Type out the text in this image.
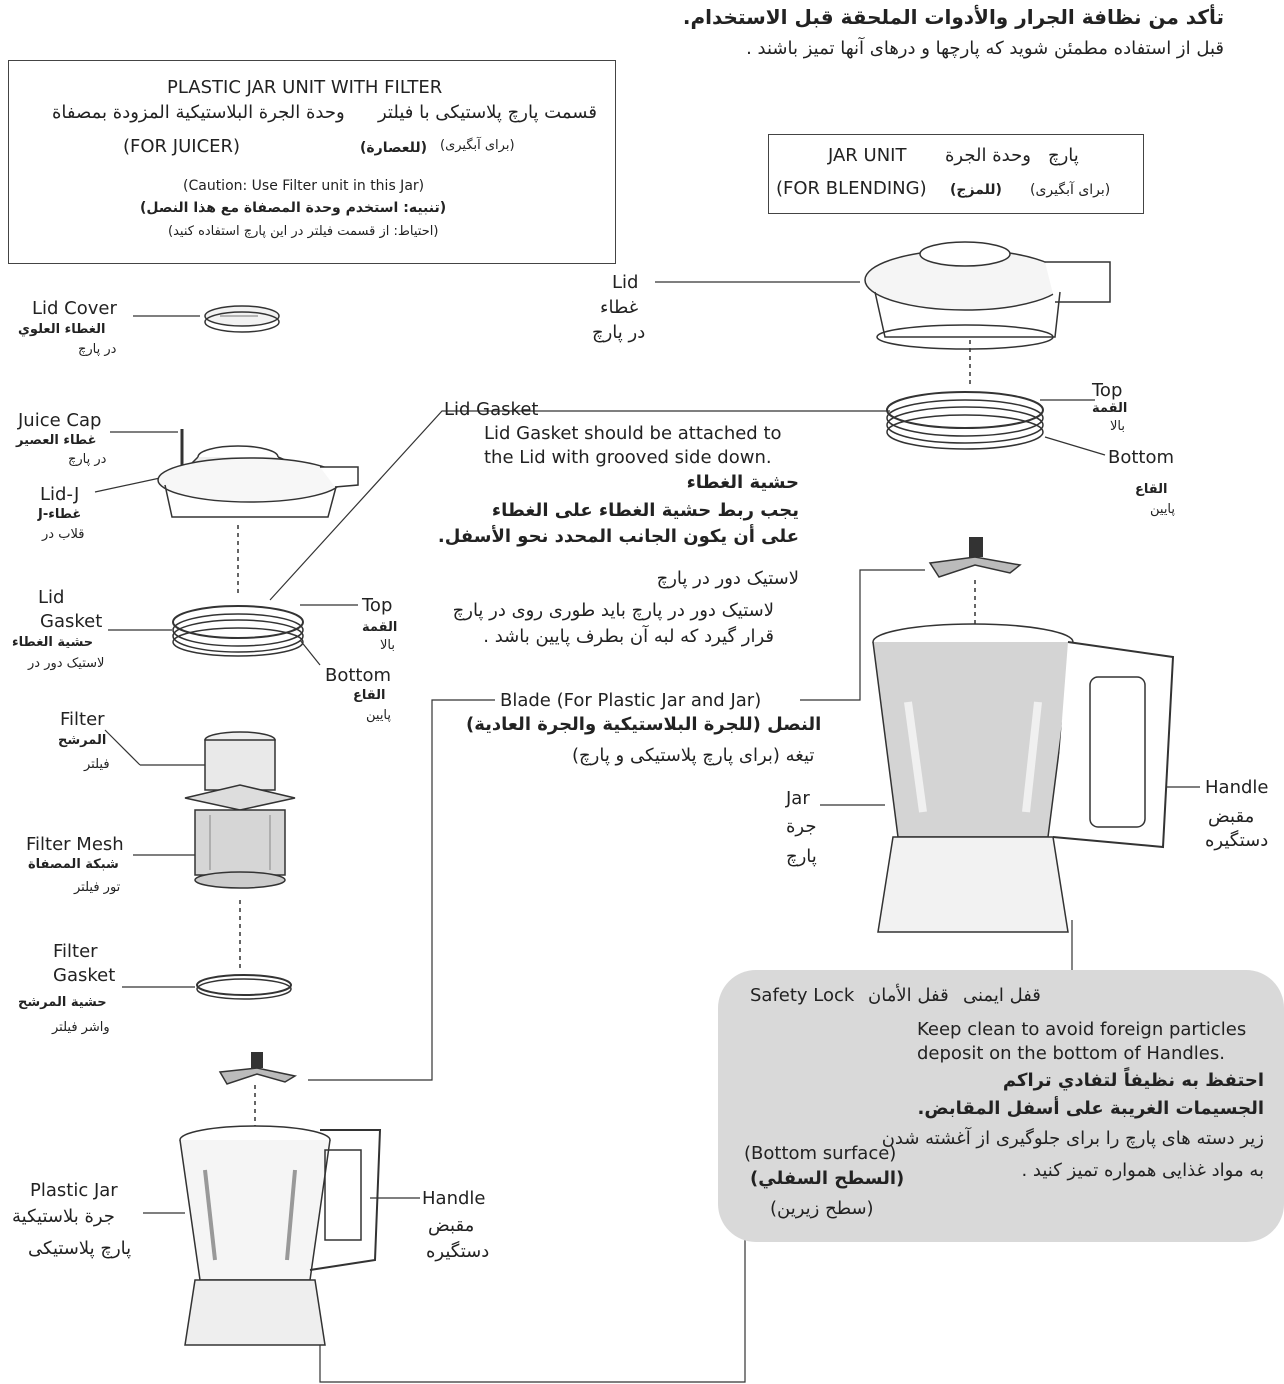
تأكد من نظافة الجرار والأدوات الملحقة قبل الاستخدام.
قبل از استفاده مطمئن شوید که پارچها و درهای آنها تمیز باشند .
PLASTIC JAR UNIT WITH FILTER
وحدة الجرة البلاستيكية المزودة بمصفاة قسمت پارچ پلاستیکی با فیلتر
(FOR JUICER)	(للعصارة) (برای آبگیری)
(Caution: Use Filter unit in this Jar)
(تنبيه: استخدم وحدة المصفاة مع هذا النصل)
(احتیاط: از قسمت فیلتر در این پارچ استفاده کنید)
JAR UNIT وحدة الجرة پارچ
(FOR BLENDING) (للمزج) (برای آبگیری)
Lid Cover
الغطاء العلوي
در پارچ
Juice Cap
غطاء العصير
در پارچ
Lid-J
غطاء-J
قلاب در
Lid
Gasket
حشية الغطاء
لاستیک دور در
Top
القمة
بالا
Bottom
القاع
پایین
Filter
المرشح
فیلتر
Filter Mesh
شبكة المصفاة
تور فیلتر
Filter
Gasket
حشية المرشح
واشر فیلتر
Plastic Jar
جرة بلاستيكية
پارچ پلاستیکی
Handle
مقبض
دستگیره
Lid Gasket
Lid Gasket should be attached to
the Lid with grooved side down.
حشية الغطاء
يجب ربط حشية الغطاء على الغطاء
على أن يكون الجانب المحدد نحو الأسفل.
لاستیک دور در پارچ
لاستیک دور در پارچ باید طوری روی در پارچ
قرار گیرد که لبه آن بطرف پایین باشد .
Blade (For Plastic Jar and Jar)
النصل (للجرة البلاستيكية والجرة العادية)
تیغه (برای پارچ پلاستیکی و پارچ)
Lid
غطاء
در پارچ
Top
القمة
بالا
Bottom
القاع
پایین
Jar
جرة
پارچ
Handle
مقبض
دستگیره
Safety Lock قفل الأمان قفل ایمنی
Keep clean to avoid foreign particles
deposit on the bottom of Handles.
احتفظ به نظيفاً لتفادي تراكم
الجسيمات الغريبة على أسفل المقابض.
زیر دسته های پارچ را برای جلوگیری از آغشته شدن
به مواد غذایی همواره تمیز کنید .
(Bottom surface)
(السطح السفلي)
(سطح زیرین)
